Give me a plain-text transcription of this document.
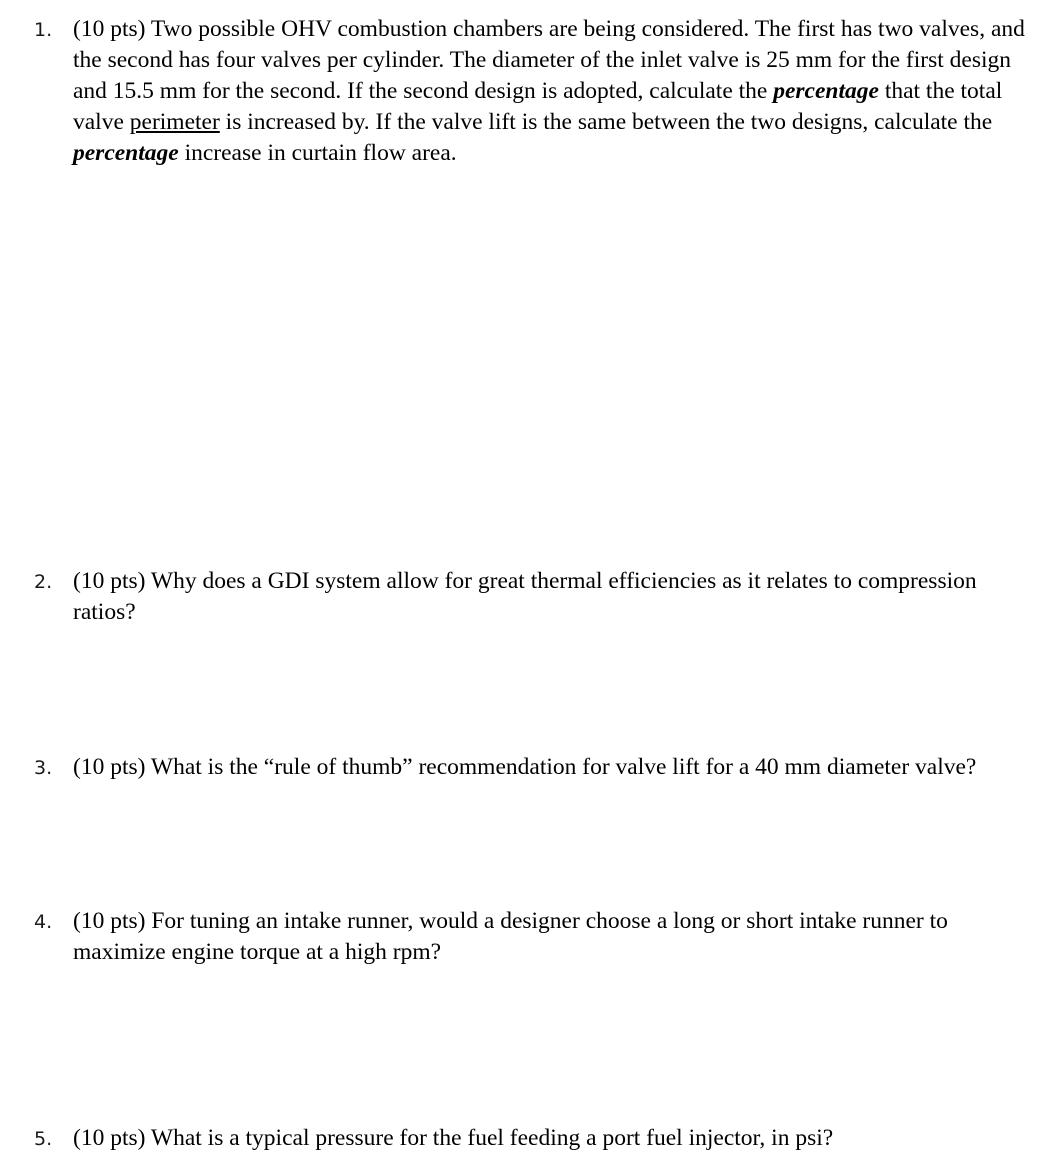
1. (10 pts) Two possible OHV combustion chambers are being considered. The first has two valves, and the second has four valves per cylinder. The diameter of the inlet valve is 25 mm for the first design and 15.5 mm for the second. If the second design is adopted, calculate the percentage that the total valve perimeter is increased by. If the valve lift is the same between the two designs, calculate the percentage increase in curtain flow area.
2. (10 pts) Why does a GDI system allow for great thermal efficiencies as it relates to compression ratios?
3. (10 pts) What is the “rule of thumb” recommendation for valve lift for a 40 mm diameter valve?
4. (10 pts) For tuning an intake runner, would a designer choose a long or short intake runner to maximize engine torque at a high rpm?
5. (10 pts) What is a typical pressure for the fuel feeding a port fuel injector, in psi?
